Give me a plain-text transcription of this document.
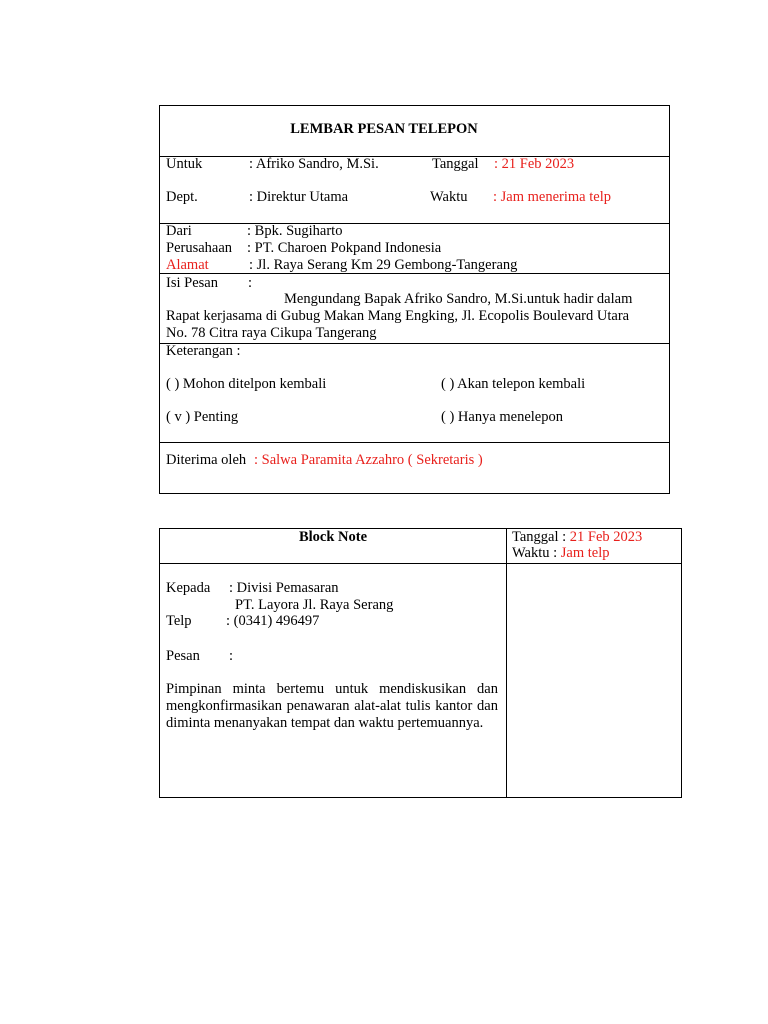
LEMBAR PESAN TELEPON
Untuk	: Afriko Sandro, M.Si.	Tanggal : 21 Feb 2023
Dept.	: Direktur Utama	Waktu : Jam menerima telp
Dari	: Bpk. Sugiharto
Perusahaan : PT. Charoen Pokpand Indonesia
Alamat	: Jl. Raya Serang Km 29 Gembong-Tangerang
Isi Pesan :
Mengundang Bapak Afriko Sandro, M.Si.untuk hadir dalam
Rapat kerjasama di Gubug Makan Mang Engking, Jl. Ecopolis Boulevard Utara
No. 78 Citra raya Cikupa Tangerang
Keterangan :
( ) Mohon ditelpon kembali	( ) Akan telepon kembali
( v ) Penting	( ) Hanya menelepon
Diterima oleh : Salwa Paramita Azzahro ( Sekretaris )
Block Note	Tanggal : 21 Feb 2023
Waktu : Jam telp
Kepada : Divisi Pemasaran
PT. Layora Jl. Raya Serang
Telp : (0341) 496497
Pesan :
Pimpinan minta bertemu untuk mendiskusikan dan mengkonfirmasikan penawaran alat-alat tulis kantor dan diminta menanyakan tempat dan waktu pertemuannya.
